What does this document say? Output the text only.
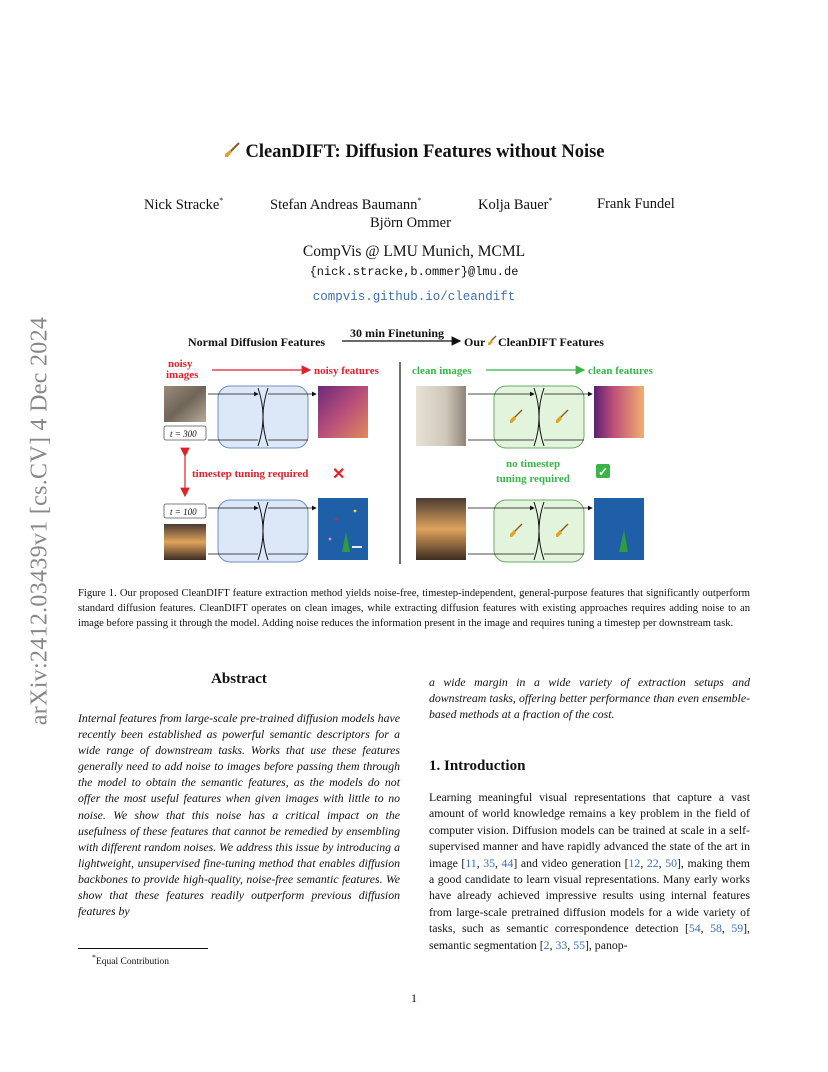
CleanDIFT: Diffusion Features without Noise
Nick Stracke*	Stefan Andreas Baumann*	Kolja Bauer*	Frank Fundel
Björn Ommer
CompVis @ LMU Munich, MCML
{nick.stracke,b.ommer}@lmu.de
compvis.github.io/cleandift
arXiv:2412.03439v1 [cs.CV] 4 Dec 2024	Normal Diffusion Features
30 min Finetuning
Our CleanDIFT Features
noisy
images	noisy features
t = 300
timestep tuning required ✕
t = 100
clean images	clean features
no timestep
tuning required ✓
Figure 1. Our proposed CleanDIFT feature extraction method yields noise-free, timestep-independent, general-purpose features that significantly outperform standard diffusion features. CleanDIFT operates on clean images, while extracting diffusion features with existing approaches requires adding noise to an image before passing it through the model. Adding noise reduces the information present in the image and requires tuning a timestep per downstream task.
Abstract
Internal features from large-scale pre-trained diffusion models have recently been established as powerful semantic descriptors for a wide range of downstream tasks. Works that use these features generally need to add noise to images before passing them through the model to obtain the semantic features, as the models do not offer the most useful features when given images with little to no noise. We show that this noise has a critical impact on the usefulness of these features that cannot be remedied by ensembling with different random noises. We address this issue by introducing a lightweight, unsupervised fine-tuning method that enables diffusion backbones to provide high-quality, noise-free semantic features. We show that these features readily outperform previous diffusion features by
a wide margin in a wide variety of extraction setups and downstream tasks, offering better performance than even ensemble-based methods at a fraction of the cost.
1. Introduction
Learning meaningful visual representations that capture a vast amount of world knowledge remains a key problem in the field of computer vision. Diffusion models can be trained at scale in a self-supervised manner and have rapidly advanced the state of the art in image [11, 35, 44] and video generation [12, 22, 50], making them a good candidate to learn visual representations. Many early works have already achieved impressive results using internal features from large-scale pretrained diffusion models for a wide variety of tasks, such as semantic correspondence detection [54, 58, 59], semantic segmentation [2, 33, 55], panop-
*Equal Contribution
1
